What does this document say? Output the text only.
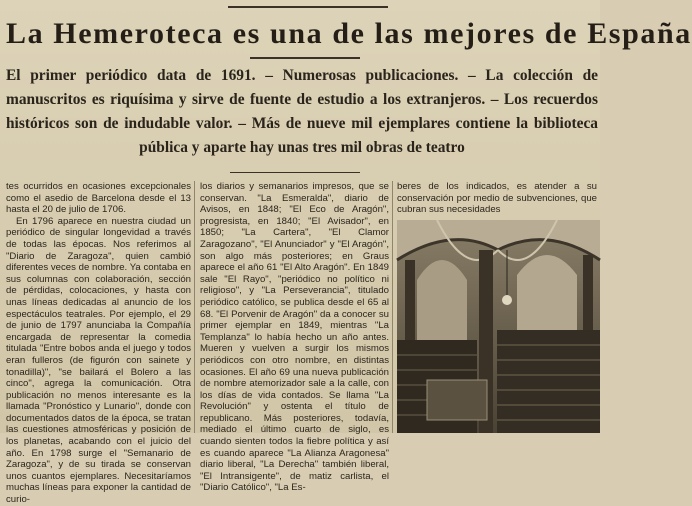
La Hemeroteca es una de las mejores de España
El primer periódico data de 1691. – Numerosas publicaciones. – La colección de manuscritos es riquísima y sirve de fuente de estudio a los extranjeros. – Los recuerdos históricos son de indudable valor. – Más de nueve mil ejemplares contiene la biblioteca pública y aparte hay unas tres mil obras de teatro

tes ocurridos en ocasiones excepcionales como el asedio de Barcelona desde el 13 hasta el 20 de julio de 1706.

En 1796 aparece en nuestra ciudad un periódico de singular longevidad a través de todas las épocas. Nos referimos al "Diario de Zaragoza", quien cambió diferentes veces de nombre. Ya contaba en sus columnas con colaboración, sección de pérdidas, colocaciones, y hasta con unas líneas dedicadas al anuncio de los espectáculos teatrales. Por ejemplo, el 29 de junio de 1797 anunciaba la Compañía encargada de representar la comedia titulada "Entre bobos anda el juego y todos eran fulleros (de figurón con sainete y tonadilla)", "se bailará el Bolero a las cinco", agrega la comunicación. Otra publicación no menos interesante es la llamada "Pronóstico y Lunario", donde con documentados datos de la época, se tratan las cuestiones atmosféricas y posición de los planetas, acabando con el juicio del año. En 1798 surge el "Semanario de Zaragoza", y de su tirada se conservan unos cuantos ejemplares. Necesitaríamos muchas líneas para exponer la cantidad de curio-

los diarios y semanarios impresos, que se conservan. "La Esmeralda", diario de Avisos, en 1848; "El Eco de Aragón", progresista, en 1840; "El Avisador", en 1850; "La Cartera", "El Clamor Zaragozano", "El Anunciador" y "El Aragón", son algo más posteriores; en Graus aparece el año 61 "El Alto Aragón". En 1849 sale "El Rayo", "periódico no político ni religioso", y "La Perseverancia", titulado periódico católico, se publica desde el 65 al 68. "El Porvenir de Aragón" da a conocer su primer ejemplar en 1849, mientras "La Templanza" lo había hecho un año antes. Mueren y vuelven a surgir los mismos periódicos con otro nombre, en distintas ocasiones. El año 69 una nueva publicación de nombre atemorizador sale a la calle, con los días de vida contados. Se llama "La Revolución" y ostenta el título de republicano. Más posteriores, todavía, mediado el último cuarto de siglo, es cuando sienten todos la fiebre política y así es cuando aparece "La Alianza Aragonesa" diario liberal, "La Derecha" también liberal, "El Intransigente", de matiz carlista, el "Diario Católico", "La Es-

beres de los indicados, es atender a su conservación por medio de subvenciones, que cubran sus necesidades
